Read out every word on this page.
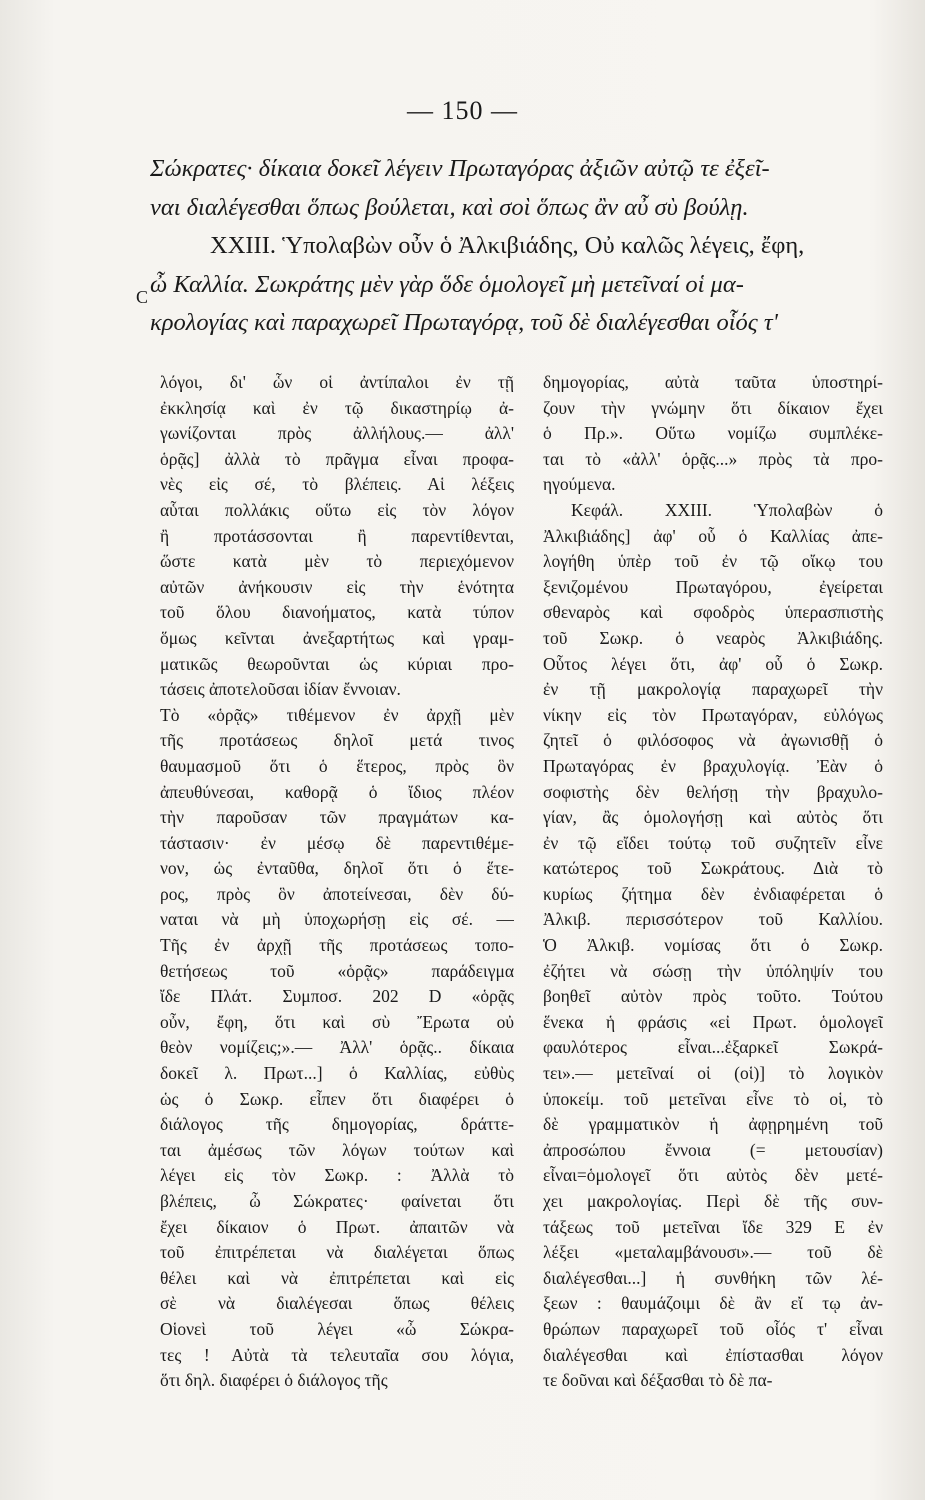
— 150 —
C
Σώκρατες· δίκαια δοκεῖ λέγειν Πρωταγόρας ἀξιῶν αὐτῷ τε ἐξεῖ-
ναι διαλέγεσθαι ὅπως βούλεται, καὶ σοὶ ὅπως ἂν αὖ σὺ βούλῃ.
XXIII. Ὑπολαβὼν οὖν ὁ Ἀλκιβιάδης, Οὐ καλῶς λέγεις, ἔφη,
ὦ Καλλία. Σωκράτης μὲν γὰρ ὅδε ὁμολογεῖ μὴ μετεῖναί οἱ μα-
κρολογίας καὶ παραχωρεῖ Πρωταγόρᾳ, τοῦ δὲ διαλέγεσθαι οἷός τ'
λόγοι, δι' ὧν οἱ ἀντίπαλοι ἐν τῇ
ἐκκλησίᾳ καὶ ἐν τῷ δικαστηρίῳ ἀ-
γωνίζονται πρὸς ἀλλήλους.— ἀλλ'
ὁρᾷς] ἀλλὰ τὸ πρᾶγμα εἶναι προφα-
νὲς εἰς σέ, τὸ βλέπεις. Αἱ λέξεις
αὗται πολλάκις οὕτω εἰς τὸν λόγον
ἢ προτάσσονται ἢ παρεντίθενται,
ὥστε κατὰ μὲν τὸ περιεχόμενον
αὐτῶν ἀνήκουσιν εἰς τὴν ἑνότητα
τοῦ ὅλου διανοήματος, κατὰ τύπον
ὅμως κεῖνται ἀνεξαρτήτως καὶ γραμ-
ματικῶς θεωροῦνται ὡς κύριαι προ-
τάσεις ἀποτελοῦσαι ἰδίαν ἔννοιαν.
Τὸ «ὁρᾷς» τιθέμενον ἐν ἀρχῇ μὲν
τῆς προτάσεως δηλοῖ μετά τινος
θαυμασμοῦ ὅτι ὁ ἕτερος, πρὸς ὃν
ἀπευθύνεσαι, καθορᾷ ὁ ἴδιος πλέον
τὴν παροῦσαν τῶν πραγμάτων κα-
τάστασιν· ἐν μέσῳ δὲ παρεντιθέμε-
νον, ὡς ἐνταῦθα, δηλοῖ ὅτι ὁ ἕτε-
ρος, πρὸς ὃν ἀποτείνεσαι, δὲν δύ-
ναται νὰ μὴ ὑποχωρήσῃ εἰς σέ. —
Τῆς ἐν ἀρχῇ τῆς προτάσεως τοπο-
θετήσεως τοῦ «ὁρᾷς» παράδειγμα
ἴδε Πλάτ. Συμποσ. 202 D «ὁρᾷς
οὖν, ἔφη, ὅτι καὶ σὺ Ἔρωτα οὐ
θεὸν νομίζεις;».— Ἀλλ' ὁρᾷς.. δίκαια
δοκεῖ λ. Πρωτ...] ὁ Καλλίας, εὐθὺς
ὡς ὁ Σωκρ. εἶπεν ὅτι διαφέρει ὁ
διάλογος τῆς δημογορίας, δράττε-
ται ἀμέσως τῶν λόγων τούτων καὶ
λέγει εἰς τὸν Σωκρ. : Ἀλλὰ τὸ
βλέπεις, ὦ Σώκρατες· φαίνεται ὅτι
ἔχει δίκαιον ὁ Πρωτ. ἀπαιτῶν νὰ
τοῦ ἐπιτρέπεται νὰ διαλέγεται ὅπως
θέλει καὶ νὰ ἐπιτρέπεται καὶ εἰς
σὲ νὰ διαλέγεσαι ὅπως θέλεις
Οἱονεὶ τοῦ λέγει «ὦ Σώκρα-
τες ! Αὐτὰ τὰ τελευταῖα σου λόγια,
ὅτι δηλ. διαφέρει ὁ διάλογος τῆς
δημογορίας, αὐτὰ ταῦτα ὑποστηρί-
ζουν τὴν γνώμην ὅτι δίκαιον ἔχει
ὁ Πρ.». Οὕτω νομίζω συμπλέκε-
ται τὸ «ἀλλ' ὁρᾷς...» πρὸς τὰ προ-
ηγούμενα.
Κεφάλ. XXIII. Ὑπολαβὼν ὁ
Ἀλκιβιάδης] ἀφ' οὗ ὁ Καλλίας ἀπε-
λογήθη ὑπὲρ τοῦ ἐν τῷ οἴκῳ του
ξενιζομένου Πρωταγόρου, ἐγείρεται
σθεναρὸς καὶ σφοδρὸς ὑπερασπιστὴς
τοῦ Σωκρ. ὁ νεαρὸς Ἀλκιβιάδης.
Οὗτος λέγει ὅτι, ἀφ' οὗ ὁ Σωκρ.
ἐν τῇ μακρολογίᾳ παραχωρεῖ τὴν
νίκην εἰς τὸν Πρωταγόραν, εὐλόγως
ζητεῖ ὁ φιλόσοφος νὰ ἀγωνισθῇ ὁ
Πρωταγόρας ἐν βραχυλογίᾳ. Ἐὰν ὁ
σοφιστὴς δὲν θελήσῃ τὴν βραχυλο-
γίαν, ἂς ὁμολογήσῃ καὶ αὐτὸς ὅτι
ἐν τῷ εἴδει τούτῳ τοῦ συζητεῖν εἶνε
κατώτερος τοῦ Σωκράτους. Διὰ τὸ
κυρίως ζήτημα δὲν ἐνδιαφέρεται ὁ
Ἀλκιβ. περισσότερον τοῦ Καλλίου.
Ὁ Ἀλκιβ. νομίσας ὅτι ὁ Σωκρ.
ἐζήτει νὰ σώσῃ τὴν ὑπόληψίν του
βοηθεῖ αὐτὸν πρὸς τοῦτο. Τούτου
ἕνεκα ἡ φράσις «εἰ Πρωτ. ὁμολογεῖ
φαυλότερος εἶναι...ἐξαρκεῖ Σωκρά-
τει».— μετεῖναί οἱ (οἱ)] τὸ λογικὸν
ὑποκείμ. τοῦ μετεῖναι εἶνε τὸ οἱ, τὸ
δὲ γραμματικὸν ἡ ἀφῃρημένη τοῦ
ἀπροσώπου ἔννοια (= μετουσίαν)
εἶναι=ὁμολογεῖ ὅτι αὐτὸς δὲν μετέ-
χει μακρολογίας. Περὶ δὲ τῆς συν-
τάξεως τοῦ μετεῖναι ἴδε 329 E ἐν
λέξει «μεταλαμβάνουσι».— τοῦ δὲ
διαλέγεσθαι...] ἡ συνθήκη τῶν λέ-
ξεων : θαυμάζοιμι δὲ ἂν εἴ τῳ ἀν-
θρώπων παραχωρεῖ τοῦ οἷός τ' εἶναι
διαλέγεσθαι καὶ ἐπίστασθαι λόγον
τε δοῦναι καὶ δέξασθαι τὸ δὲ πα-
